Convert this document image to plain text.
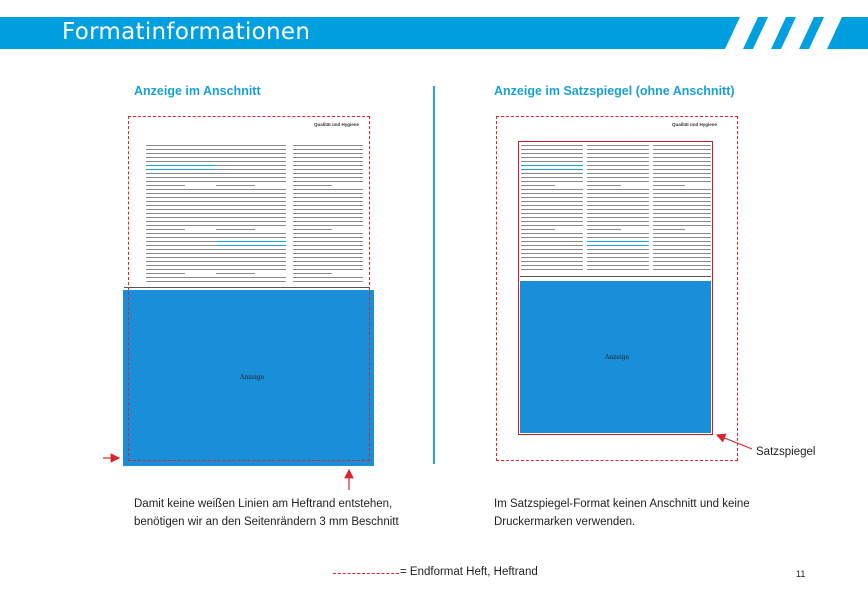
Formatinformationen
Anzeige im Anschnitt	Anzeige im Satzspiegel (ohne Anschnitt)
Qualität und Hygiene
Anzeige
Qualität und Hygiene
Anzeige
Satzspiegel
Damit keine weißen Linien am Heftrand entstehen,
benötigen wir an den Seitenrändern 3 mm Beschnitt
Im Satzspiegel-Format keinen Anschnitt und keine
Druckermarken verwenden.
= Endformat Heft, Heftrand	11
